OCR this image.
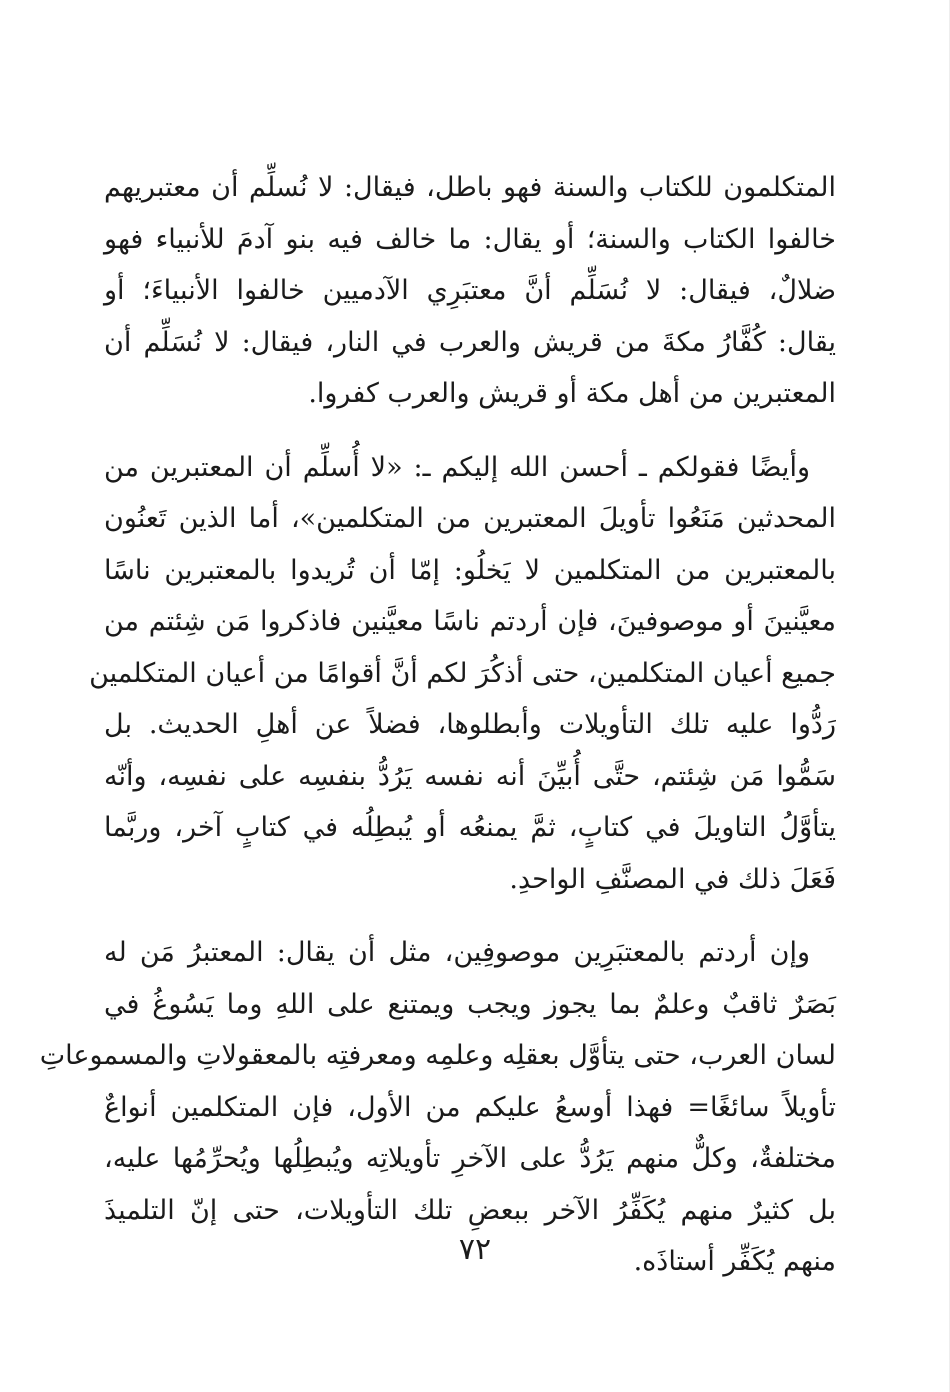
المتكلمون للكتاب والسنة فهو باطل، فيقال: لا نُسلِّم أن معتبريهم
خالفوا الكتاب والسنة؛ أو يقال: ما خالف فيه بنو آدمَ للأنبياء فهو
ضلالٌ، فيقال: لا نُسَلِّم أنَّ معتبَرِي الآدميين خالفوا الأنبياءَ؛ أو
يقال: كُفَّارُ مكةَ من قريش والعرب في النار، فيقال: لا نُسَلِّم أن
المعتبرين من أهل مكة أو قريش والعرب كفروا.
وأيضًا فقولكم ـ أحسن الله إليكم ـ: «لا أُسلِّم أن المعتبرين من
المحدثين مَنَعُوا تأويلَ المعتبرين من المتكلمين»، أما الذين تَعنُون
بالمعتبرين من المتكلمين لا يَخلُو: إمّا أن تُريدوا بالمعتبرين ناسًا
معيَّنينَ أو موصوفينَ، فإن أردتم ناسًا معيَّنين فاذكروا مَن شِئتم من
جميع أعيان المتكلمين، حتى أذكُرَ لكم أنَّ أقوامًا من أعيان المتكلمين
رَدُّوا عليه تلك التأويلات وأبطلوها، فضلاً عن أهلِ الحديث. بل
سَمُّوا مَن شِئتم، حتَّى أُبيِّنَ أنه نفسه يَرُدُّ بنفسِه على نفسِه، وأنّه
يتأوَّلُ التاويلَ في كتابٍ، ثمَّ يمنعُه أو يُبطِلُه في كتابٍ آخر، وربَّما
فَعَلَ ذلك في المصنَّفِ الواحدِ.
وإن أردتم بالمعتبَرِين موصوفِين، مثل أن يقال: المعتبرُ مَن له
بَصَرٌ ثاقبٌ وعلمٌ بما يجوز ويجب ويمتنع على اللهِ وما يَسُوغُ في
لسان العرب، حتى يتأوَّل بعقلِه وعلمِه ومعرفتِه بالمعقولاتِ والمسموعاتِ
تأويلاً سائغًا= فهذا أوسعُ عليكم من الأول، فإن المتكلمين أنواعٌ
مختلفةٌ، وكلٌّ منهم يَرُدُّ على الآخرِ تأويلاتِه ويُبطِلُها ويُحرِّمُها عليه،
بل كثيرٌ منهم يُكَفِّرُ الآخر ببعضِ تلك التأويلات، حتى إنّ التلميذَ
منهم يُكَفِّر أستاذَه.
٧٢
